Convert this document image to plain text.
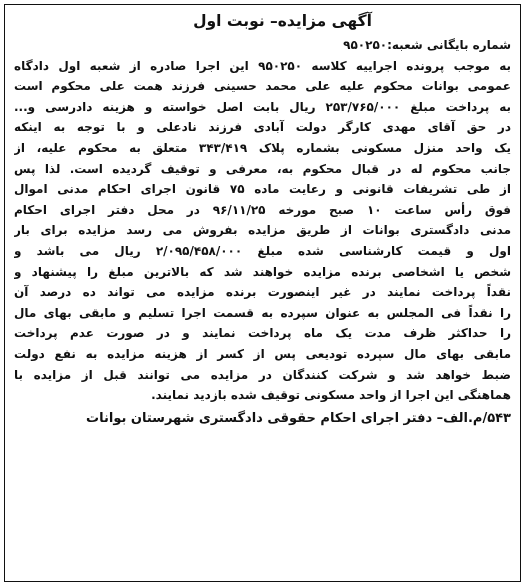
آگهی مزایده– نوبت اول
شماره بایگانی شعبه:۹۵۰۲۵۰
به موجب پرونده اجراییه کلاسه ۹۵۰۲۵۰ این اجرا صادره از شعبه اول دادگاه
عمومی بوانات محکوم علیه علی محمد حسینی فرزند همت علی محکوم است
به پرداخت مبلغ ۲۵۳/۷۶۵/۰۰۰ ریال بابت اصل خواسته و هزینه دادرسی و...
در حق آقای مهدی کارگر دولت آبادی فرزند نادعلی و با توجه به اینکه
یک واحد منزل مسکونی بشماره پلاک ۳۴۳/۴۱۹ متعلق به محکوم علیه، از
جانب محکوم له در قبال محکوم به، معرفی و توقیف گردیده است. لذا پس
از طی تشریفات قانونی و رعایت ماده ۷۵ قانون اجرای احکام مدنی اموال
فوق رأس ساعت ۱۰ صبح مورخه ۹۶/۱۱/۲۵ در محل دفتر اجرای احکام
مدنی دادگستری بوانات از طریق مزایده بفروش می رسد مزایده برای بار
اول و قیمت کارشناسی شده مبلغ ۲/۰۹۵/۴۵۸/۰۰۰ ریال می باشد و
شخص یا اشخاصی برنده مزایده خواهند شد که بالاترین مبلغ را پیشنهاد و
نقداً پرداخت نمایند در غیر اینصورت برنده مزایده می تواند ده درصد آن
را نقداً فی المجلس به عنوان سپرده به قسمت اجرا تسلیم و مابقی بهای مال
را حداکثر ظرف مدت یک ماه پرداخت نمایند و در صورت عدم پرداخت
مابقی بهای مال سپرده تودیعی پس از کسر از هزینه مزایده به نفع دولت
ضبط خواهد شد و شرکت کنندگان در مزایده می توانند قبل از مزایده با
هماهنگی این اجرا از واحد مسکونی توقیف شده بازدید نمایند.
۵۴۳/م.الف– دفتر اجرای احکام حقوقی دادگستری شهرستان بوانات
